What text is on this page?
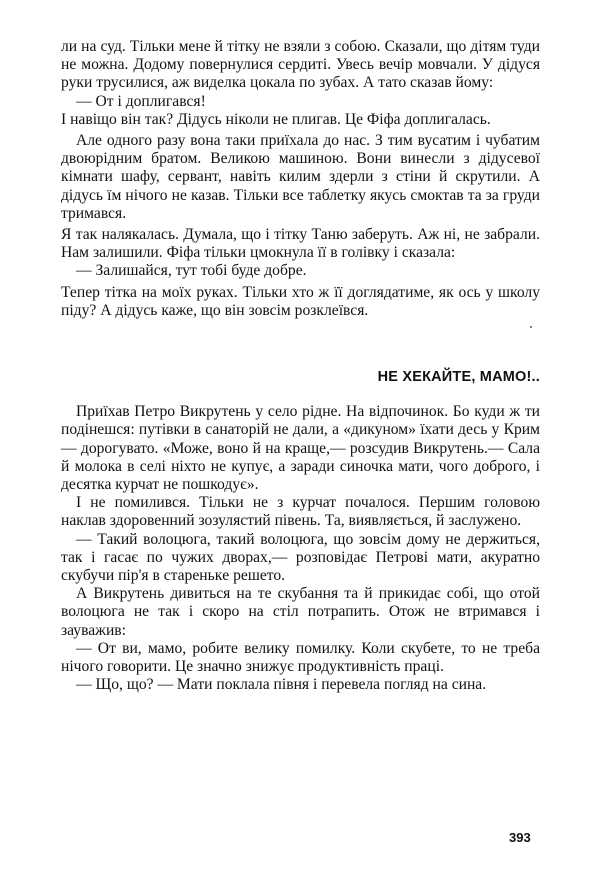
ли на суд. Тільки мене й тітку не взяли з собою. Сказали, що дітям туди не можна. Додому повернулися сердиті. Увесь вечір мовчали. У дідуся руки трусилися, аж виделка цокала по зубах. А тато сказав йому:

— От і доплигався!

І навіщо він так? Дідусь ніколи не плигав. Це Фіфа доплигалась.

Але одного разу вона таки приїхала до нас. З тим вусатим і чубатим двоюрідним братом. Великою машиною. Вони винесли з дідусевої кімнати шафу, сервант, навіть килим здерли з стіни й скрутили. А дідусь їм нічого не казав. Тільки все таблетку якусь смоктав та за груди тримався.

Я так налякалась. Думала, що і тітку Таню заберуть. Аж ні, не забрали. Нам залишили. Фіфа тільки цмокнула її в голівку і сказала:

— Залишайся, тут тобі буде добре.

Тепер тітка на моїх руках. Тільки хто ж її доглядатиме, як ось у школу піду? А дідусь каже, що він зовсім розклеївся.

НЕ ХЕКАЙТЕ, МАМО!..

Приїхав Петро Викрутень у село рідне. На відпочинок. Бо куди ж ти подінешся: путівки в санаторій не дали, а «дикуном» їхати десь у Крим — дорогувато. «Може, воно й на краще,— розсудив Викрутень.— Сала й молока в селі ніхто не купує, а заради синочка мати, чого доброго, і десятка курчат не пошкодує».

І не помилився. Тільки не з курчат почалося. Першим головою наклав здоровенний зозулястий півень. Та, виявляється, й заслужено.

— Такий волоцюга, такий волоцюга, що зовсім дому не держиться, так і гасає по чужих дворах,— розповідає Петрові мати, акуратно скубучи пір'я в старенькe решето.

А Викрутень дивиться на те скубання та й прикидає собі, що отой волоцюга не так і скоро на стіл потрапить. Отож не втримався і зауважив:

— От ви, мамо, робите велику помилку. Коли скубете, то не треба нічого говорити. Це значно знижує продуктивність праці.

— Що, що? — Мати поклала півня і перевела погляд на сина.

393
